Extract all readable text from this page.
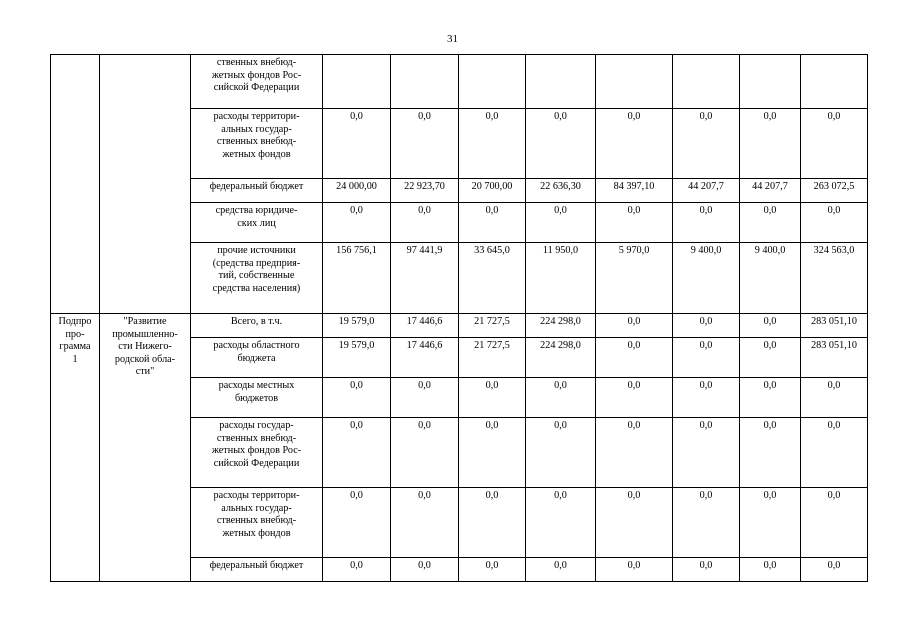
31
		ственных внебюд-
жетных фондов Рос-
сийской Федерации								
		расходы территори-
альных государ-
ственных внебюд-
жетных фондов	0,0	0,0	0,0	0,0	0,0	0,0	0,0	0,0
		федеральный бюджет	24 000,00	22 923,70	20 700,00	22 636,30	84 397,10	44 207,7	44 207,7	263 072,5
		средства юридиче-
ских лиц	0,0	0,0	0,0	0,0	0,0	0,0	0,0	0,0
		прочие источники
(средства предприя-
тий, собственные
средства населения)	156 756,1	97 441,9	33 645,0	11 950,0	5 970,0	9 400,0	9 400,0	324 563,0
Подпро
про-
грамма
1	"Развитие
промышленно-
сти Нижего-
родской обла-
сти"	Всего, в т.ч.	19 579,0	17 446,6	21 727,5	224 298,0	0,0	0,0	0,0	283 051,10
		расходы областного
бюджета	19 579,0	17 446,6	21 727,5	224 298,0	0,0	0,0	0,0	283 051,10
		расходы местных
бюджетов	0,0	0,0	0,0	0,0	0,0	0,0	0,0	0,0
		расходы государ-
ственных внебюд-
жетных фондов Рос-
сийской Федерации	0,0	0,0	0,0	0,0	0,0	0,0	0,0	0,0
		расходы территори-
альных государ-
ственных внебюд-
жетных фондов	0,0	0,0	0,0	0,0	0,0	0,0	0,0	0,0
		федеральный бюджет	0,0	0,0	0,0	0,0	0,0	0,0	0,0	0,0
